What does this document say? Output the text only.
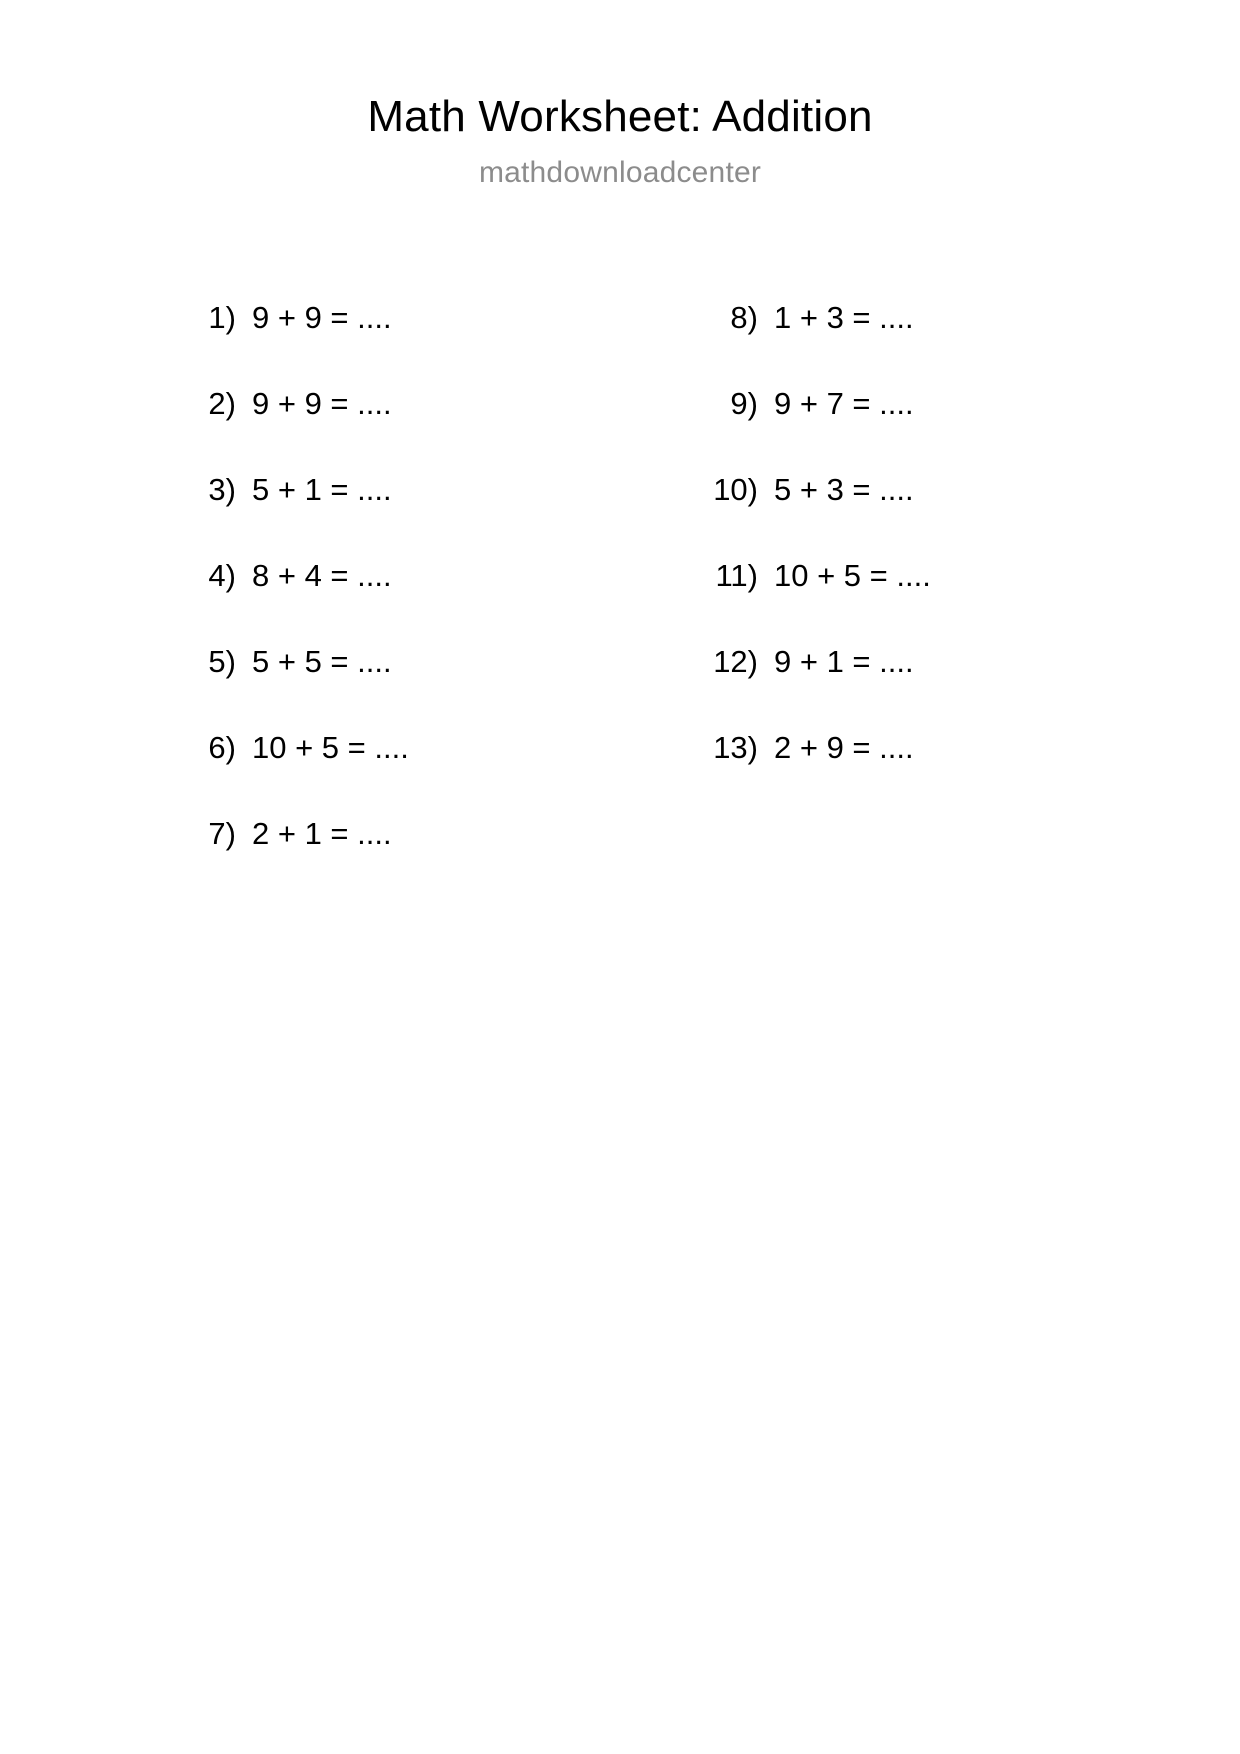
Math Worksheet: Addition
mathdownloadcenter
1) 9 + 9 = ....
2) 9 + 9 = ....
3) 5 + 1 = ....
4) 8 + 4 = ....
5) 5 + 5 = ....
6) 10 + 5 = ....
7) 2 + 1 = ....
8) 1 + 3 = ....
9) 9 + 7 = ....
10) 5 + 3 = ....
11) 10 + 5 = ....
12) 9 + 1 = ....
13) 2 + 9 = ....
